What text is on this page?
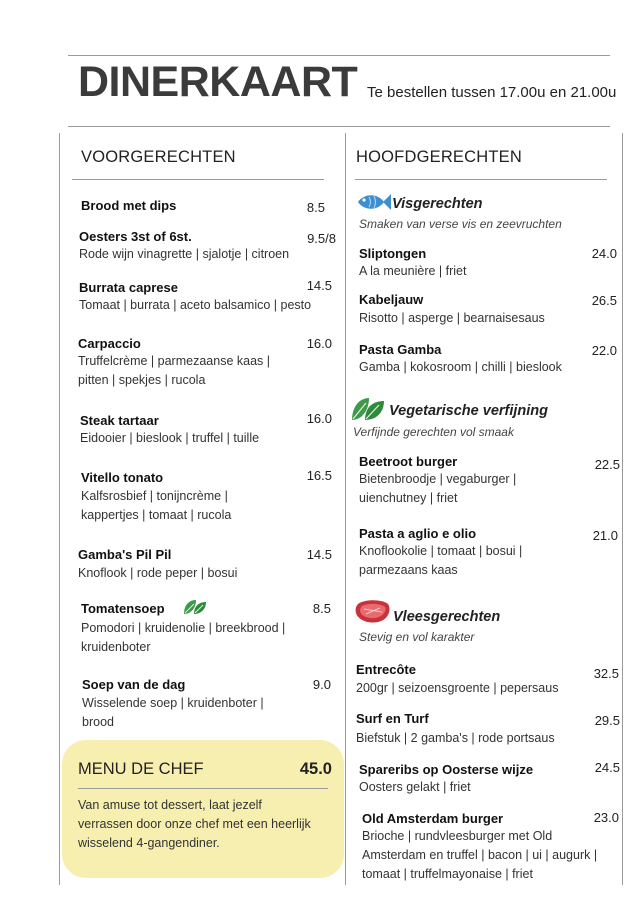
DINERKAART Te bestellen tussen 17.00u en 21.00u
VOORGERECHTEN
Brood met dips	8.5
Oesters 3st of 6st.	9.5/8
Rode wijn vinagrette | sjalotje | citroen
Burrata caprese	14.5
Tomaat | burrata | aceto balsamico | pesto
Carpaccio	16.0
Truffelcrème | parmezaanse kaas |
pitten | spekjes | rucola
Steak tartaar	16.0
Eidooier | bieslook | truffel | tuille
Vitello tonato	16.5
Kalfsrosbief | tonijncrème |
kappertjes | tomaat | rucola
Gamba's Pil Pil	14.5
Knoflook | rode peper | bosui
Tomatensoep	8.5
Pomodori | kruidenolie | breekbrood |
kruidenboter
Soep van de dag	9.0
Wisselende soep | kruidenboter |
brood
MENU DE CHEF	45.0
Van amuse tot dessert, laat jezelf
verrassen door onze chef met een heerlijk
wisselend 4-gangendiner.
HOOFDGERECHTEN
Visgerechten
Smaken van verse vis en zeevruchten
Sliptongen	24.0
A la meunière | friet
Kabeljauw	26.5
Risotto | asperge | bearnaisesaus
Pasta Gamba	22.0
Gamba | kokosroom | chilli | bieslook
Vegetarische verfijning
Verfijnde gerechten vol smaak
Beetroot burger	22.5
Bietenbroodje | vegaburger |
uienchutney | friet
Pasta a aglio e olio	21.0
Knoflookolie | tomaat | bosui |
parmezaans kaas
Vleesgerechten
Stevig en vol karakter
Entrecôte	32.5
200gr | seizoensgroente | pepersaus
Surf en Turf	29.5
Biefstuk | 2 gamba's | rode portsaus
Spareribs op Oosterse wijze	24.5
Oosters gelakt | friet
Old Amsterdam burger	23.0
Brioche | rundvleesburger met Old
Amsterdam en truffel | bacon | ui | augurk |
tomaat | truffelmayonaise | friet
